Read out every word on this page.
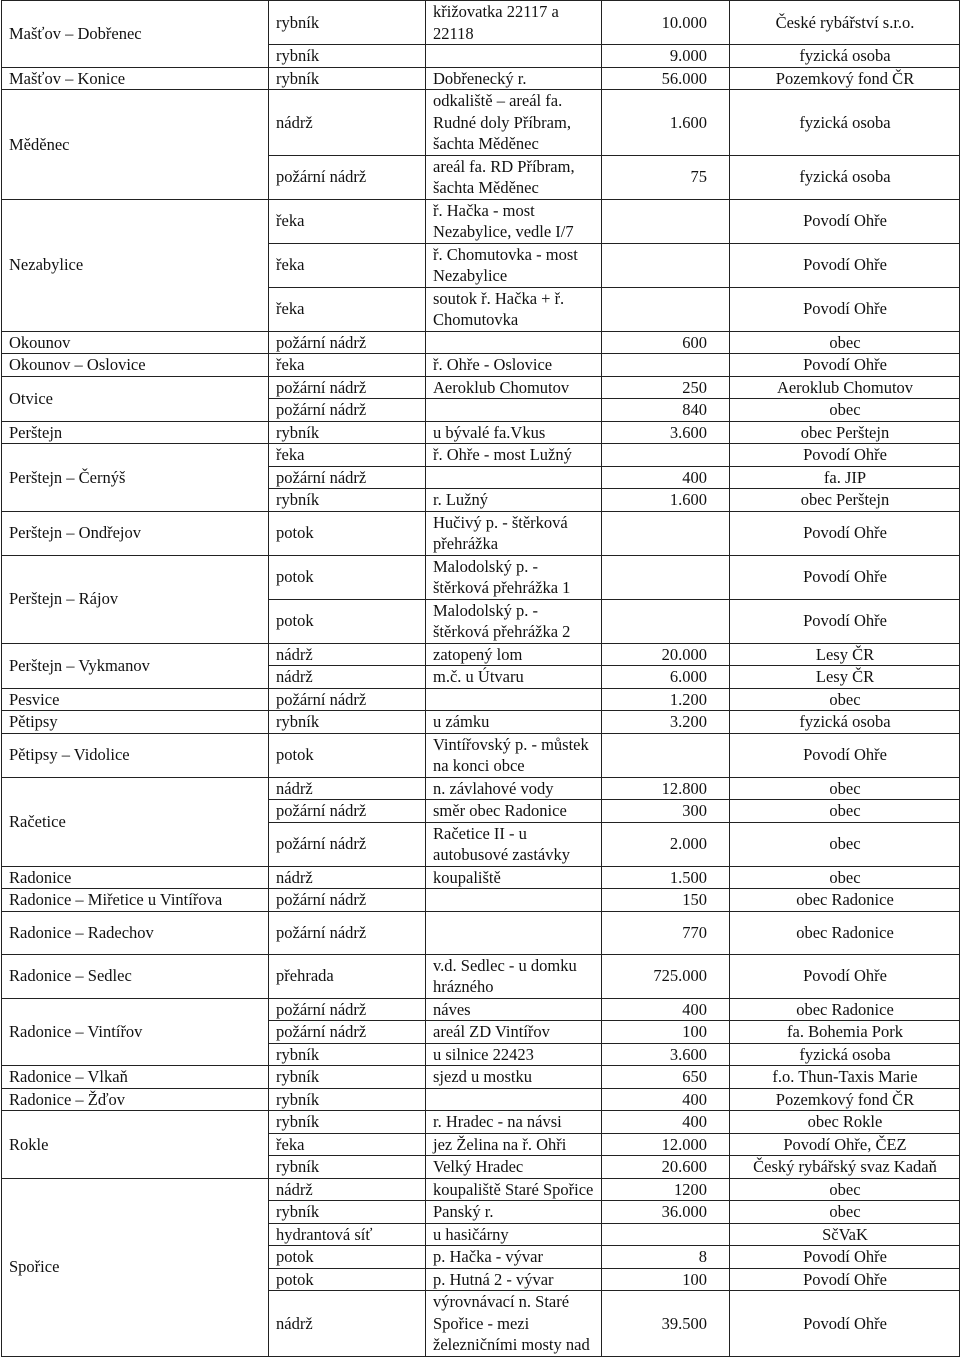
Mašťov – Dobřenec	rybník	křižovatka 22117 a 22118	10.000	České rybářství s.r.o.
	rybník		9.000	fyzická osoba
Mašťov – Konice	rybník	Dobřenecký r.	56.000	Pozemkový fond ČR
Měděnec	nádrž	odkaliště – areál fa. Rudné doly Příbram, šachta Měděnec	1.600	fyzická osoba
	požární nádrž	areál fa. RD Příbram, šachta Měděnec	75	fyzická osoba
Nezabylice	řeka	ř. Hačka - most Nezabylice, vedle I/7		Povodí Ohře
	řeka	ř. Chomutovka - most Nezabylice		Povodí Ohře
	řeka	soutok ř. Hačka + ř. Chomutovka		Povodí Ohře
Okounov	požární nádrž		600	obec
Okounov – Oslovice	řeka	ř. Ohře - Oslovice		Povodí Ohře
Otvice	požární nádrž	Aeroklub Chomutov	250	Aeroklub Chomutov
	požární nádrž		840	obec
Perštejn	rybník	u bývalé fa.Vkus	3.600	obec Perštejn
Perštejn – Černýš	řeka	ř. Ohře - most Lužný		Povodí Ohře
	požární nádrž		400	fa. JIP
	rybník	r. Lužný	1.600	obec Perštejn
Perštejn – Ondřejov	potok	Hučivý p. - štěrková přehrážka		Povodí Ohře
Perštejn – Rájov	potok	Malodolský p. - štěrková přehrážka 1		Povodí Ohře
	potok	Malodolský p. - štěrková přehrážka 2		Povodí Ohře
Perštejn – Vykmanov	nádrž	zatopený lom	20.000	Lesy ČR
	nádrž	m.č. u Útvaru	6.000	Lesy ČR
Pesvice	požární nádrž		1.200	obec
Pětipsy	rybník	u zámku	3.200	fyzická osoba
Pětipsy – Vidolice	potok	Vintířovský p. - můstek na konci obce		Povodí Ohře
Račetice	nádrž	n. závlahové vody	12.800	obec
	požární nádrž	směr obec Radonice	300	obec
	požární nádrž	Račetice II - u autobusové zastávky	2.000	obec
Radonice	nádrž	koupaliště	1.500	obec
Radonice – Miřetice u Vintířova	požární nádrž		150	obec Radonice
Radonice – Radechov	požární nádrž		770	obec Radonice
Radonice – Sedlec	přehrada	v.d. Sedlec - u domku hrázného	725.000	Povodí Ohře
Radonice – Vintířov	požární nádrž	náves	400	obec Radonice
	požární nádrž	areál ZD Vintířov	100	fa. Bohemia Pork
	rybník	u silnice 22423	3.600	fyzická osoba
Radonice – Vlkaň	rybník	sjezd u mostku	650	f.o. Thun-Taxis Marie
Radonice – Žďov	rybník		400	Pozemkový fond ČR
Rokle	rybník	r. Hradec - na návsi	400	obec Rokle
	řeka	jez Želina na ř. Ohři	12.000	Povodí Ohře, ČEZ
	rybník	Velký Hradec	20.600	Český rybářský svaz Kadaň
Spořice	nádrž	koupaliště Staré Spořice	1200	obec
	rybník	Panský r.	36.000	obec
	hydrantová síť	u hasičárny		SčVaK
	potok	p. Hačka - vývar	8	Povodí Ohře
	potok	p. Hutná 2 - vývar	100	Povodí Ohře
	nádrž	výrovnávací n. Staré Spořice - mezi železničními mosty nad	39.500	Povodí Ohře
